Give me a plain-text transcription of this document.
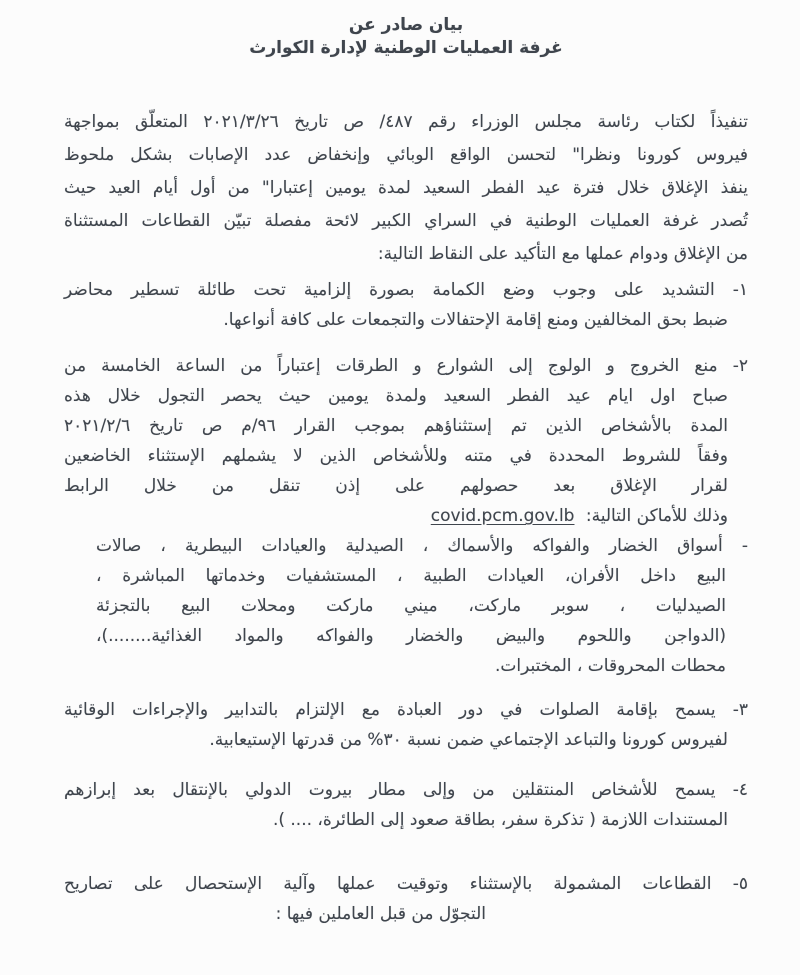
بيان صادر عن
غرفة العمليات الوطنية لإدارة الكوارث
تنفيذاً لكتاب رئاسة مجلس الوزراء رقم ٤٨٧/ ص تاريخ ٢٠٢١/٣/٢٦ المتعلّق بمواجهة
فيروس كورونا ونظرا" لتحسن الواقع الوبائي وإنخفاض عدد الإصابات بشكل ملحوظ
ينفذ الإغلاق خلال فترة عيد الفطر السعيد لمدة يومين إعتبارا" من أول أيام العيد حيث
تُصدر غرفة العمليات الوطنية في السراي الكبير لائحة مفصلة تبيّن القطاعات المستثناة
من الإغلاق ودوام عملها مع التأكيد على النقاط التالية:
١- التشديد على وجوب وضع الكمامة بصورة إلزامية تحت طائلة تسطير محاضر
ضبط بحق المخالفين ومنع إقامة الإحتفالات والتجمعات على كافة أنواعها.
٢- منع الخروج و الولوج إلى الشوارع و الطرقات إعتباراً من الساعة الخامسة من
صباح اول ايام عيد الفطر السعيد ولمدة يومين حيث يحصر التجول خلال هذه
المدة بالأشخاص الذين تم إستثناؤهم بموجب القرار ٩٦/م ص تاريخ ٢٠٢١/٢/٦
وفقاً للشروط المحددة في متنه وللأشخاص الذين لا يشملهم الإستثناء الخاضعين
لقرار الإغلاق بعد حصولهم على إذن تنقل من خلال الرابط
وذلك للأماكن التالية: covid.pcm.gov.lb
- أسواق الخضار والفواكه والأسماك ، الصيدلية والعيادات البيطرية ، صالات
البيع داخل الأفران، العيادات الطبية ، المستشفيات وخدماتها المباشرة ،
الصيدليات ، سوبر ماركت، ميني ماركت ومحلات البيع بالتجزئة
(الدواجن واللحوم والبيض والخضار والفواكه والمواد الغذائية........)،
محطات المحروقات ، المختبرات.
٣- يسمح بإقامة الصلوات في دور العبادة مع الإلتزام بالتدابير والإجراءات الوقائية
لفيروس كورونا والتباعد الإجتماعي ضمن نسبة ٣٠% من قدرتها الإستيعابية.
٤- يسمح للأشخاص المنتقلين من وإلى مطار بيروت الدولي بالإنتقال بعد إبرازهم
المستندات اللازمة ( تذكرة سفر، بطاقة صعود إلى الطائرة، .... ).
٥- القطاعات المشمولة بالإستثناء وتوقيت عملها وآلية الإستحصال على تصاريح
التجوّل من قبل العاملين فيها :
